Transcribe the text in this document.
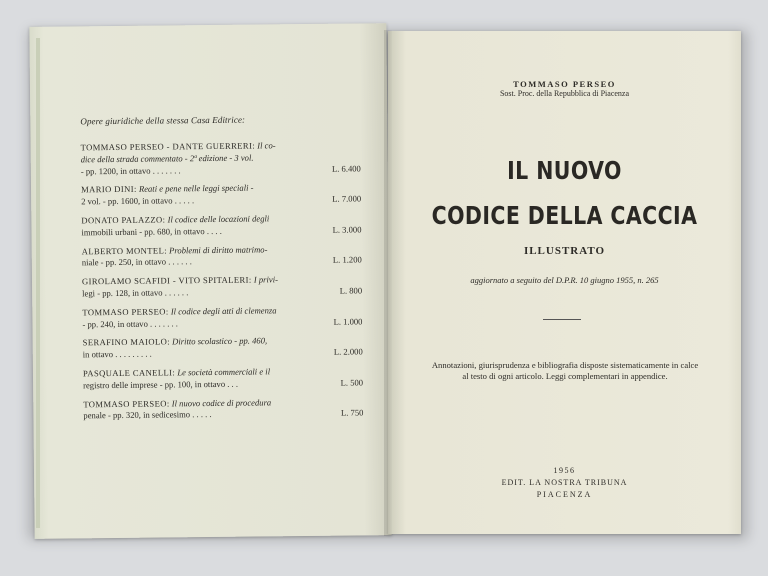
Opere giuridiche della stessa Casa Editrice:
TOMMASO PERSEO - DANTE GUERRERI: Il co-
dice della strada commentato - 2ª edizione - 3 vol.
- pp. 1200, in ottavo . . . . . . .	L. 6.400
MARIO DINI: Reati e pene nelle leggi speciali -
2 vol. - pp. 1600, in ottavo . . . . .	L. 7.000
DONATO PALAZZO: Il codice delle locazioni degli
immobili urbani - pp. 680, in ottavo . . . .	L. 3.000
ALBERTO MONTEL: Problemi di diritto matrimo-
niale - pp. 250, in ottavo . . . . . .	L. 1.200
GIROLAMO SCAFIDI - VITO SPITALERI: I privi-
legi - pp. 128, in ottavo . . . . . .	L. 800
TOMMASO PERSEO: Il codice degli atti di clemenza
- pp. 240, in ottavo . . . . . . .	L. 1.000
SERAFINO MAIOLO: Diritto scolastico - pp. 460,
in ottavo . . . . . . . . .	L. 2.000
PASQUALE CANELLI: Le società commerciali e il
registro delle imprese - pp. 100, in ottavo . . .	L. 500
TOMMASO PERSEO: Il nuovo codice di procedura
penale - pp. 320, in sedicesimo . . . . .	L. 750
TOMMASO PERSEO
Sost. Proc. della Repubblica di Piacenza
IL NUOVO
CODICE DELLA CACCIA
ILLUSTRATO
aggiornato a seguito del D.P.R. 10 giugno 1955, n. 265
Annotazioni, giurisprudenza e bibliografia disposte sistematicamente in calce al testo di ogni articolo. Leggi complementari in appendice.
1956
EDIT. LA NOSTRA TRIBUNA
PIACENZA
